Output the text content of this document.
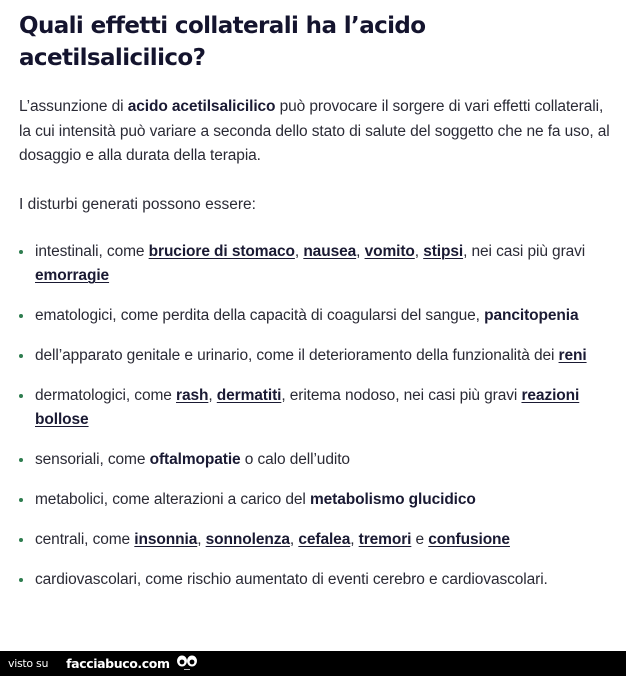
Quali effetti collaterali ha l’acido acetilsalicilico?

L’assunzione di acido acetilsalicilico può provocare il sorgere di vari effetti collaterali, la cui intensità può variare a seconda dello stato di salute del soggetto che ne fa uso, al dosaggio e alla durata della terapia.

I disturbi generati possono essere:

intestinali, come bruciore di stomaco, nausea, vomito, stipsi, nei casi più gravi emorragie
ematologici, come perdita della capacità di coagularsi del sangue, pancitopenia
dell’apparato genitale e urinario, come il deterioramento della funzionalità dei reni
dermatologici, come rash, dermatiti, eritema nodoso, nei casi più gravi reazioni bollose
sensoriali, come oftalmopatie o calo dell’udito
metabolici, come alterazioni a carico del metabolismo glucidico
centrali, come insonnia, sonnolenza, cefalea, tremori e confusione
cardiovascolari, come rischio aumentato di eventi cerebro e cardiovascolari.
visto su facciabuco.com
